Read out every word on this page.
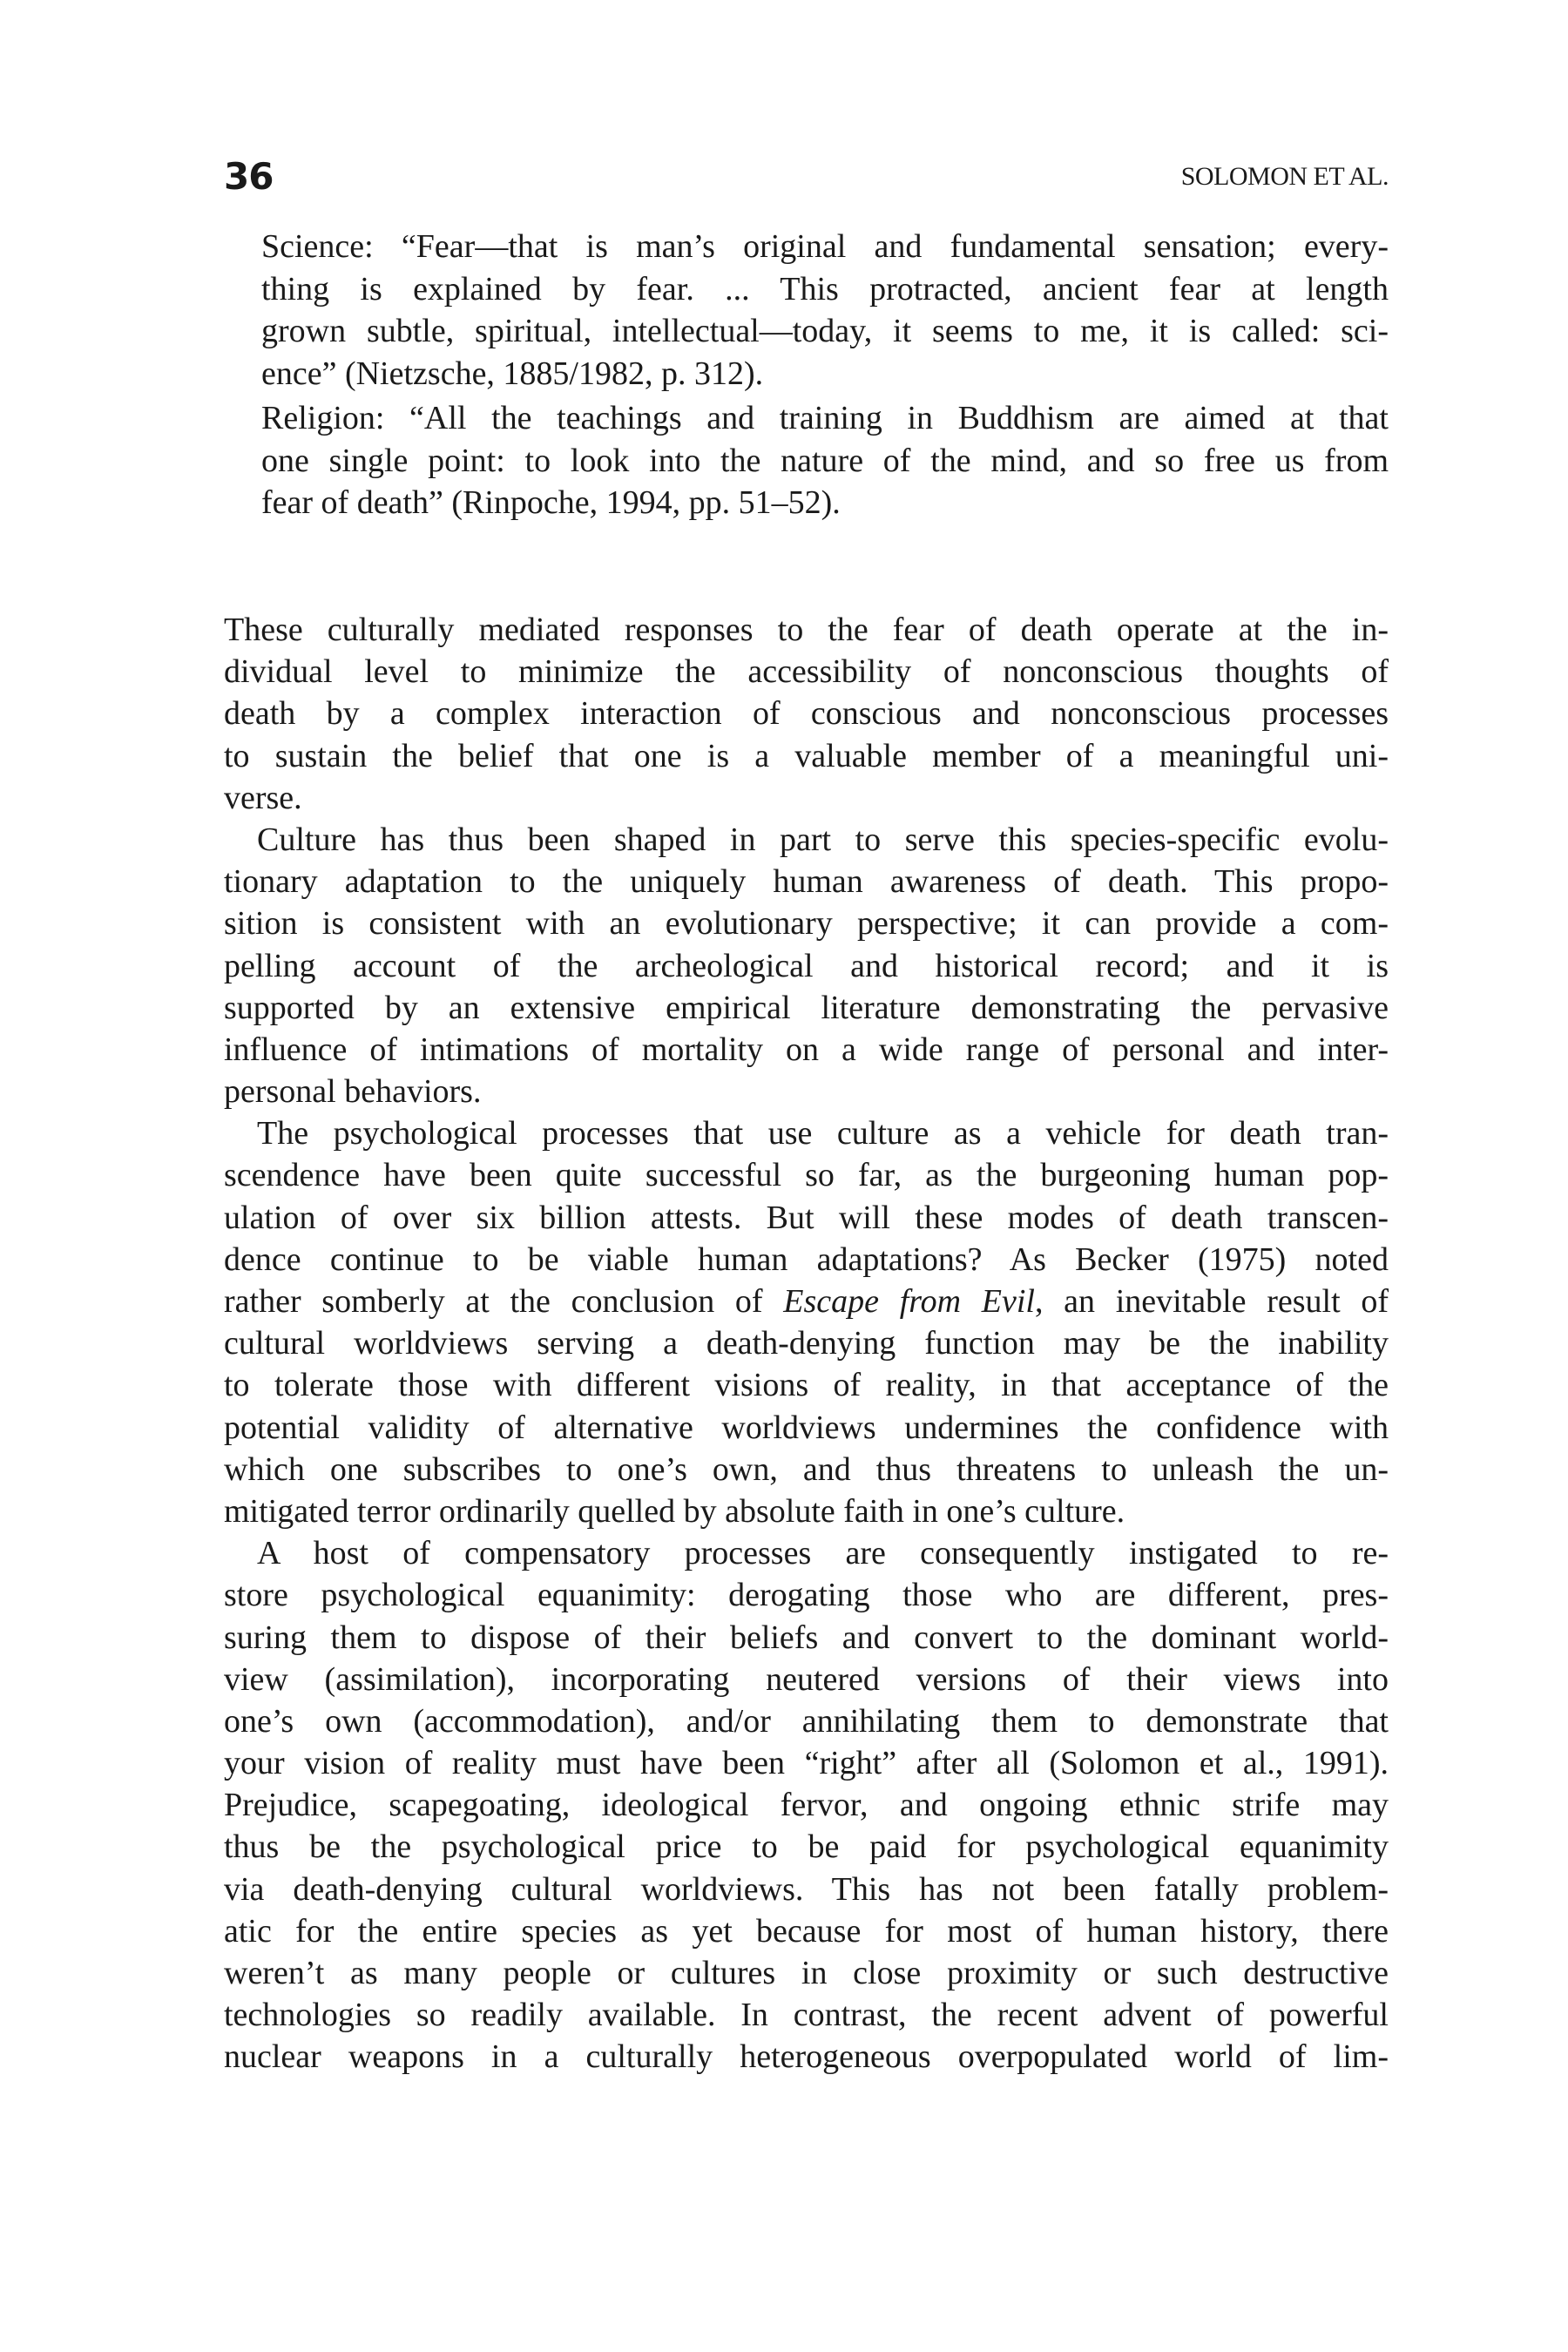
36	SOLOMON ET AL.
Science: “Fear—that is man’s original and fundamental sensation; every-
thing is explained by fear. ... This protracted, ancient fear at length
grown subtle, spiritual, intellectual—today, it seems to me, it is called: sci-
ence” (Nietzsche, 1885/1982, p. 312).
Religion: “All the teachings and training in Buddhism are aimed at that
one single point: to look into the nature of the mind, and so free us from
fear of death” (Rinpoche, 1994, pp. 51–52).
These culturally mediated responses to the fear of death operate at the in-
dividual level to minimize the accessibility of nonconscious thoughts of
death by a complex interaction of conscious and nonconscious processes
to sustain the belief that one is a valuable member of a meaningful uni-
verse.
Culture has thus been shaped in part to serve this species-specific evolu-
tionary adaptation to the uniquely human awareness of death. This propo-
sition is consistent with an evolutionary perspective; it can provide a com-
pelling account of the archeological and historical record; and it is
supported by an extensive empirical literature demonstrating the pervasive
influence of intimations of mortality on a wide range of personal and inter-
personal behaviors.
The psychological processes that use culture as a vehicle for death tran-
scendence have been quite successful so far, as the burgeoning human pop-
ulation of over six billion attests. But will these modes of death transcen-
dence continue to be viable human adaptations? As Becker (1975) noted
rather somberly at the conclusion of Escape from Evil, an inevitable result of
cultural worldviews serving a death-denying function may be the inability
to tolerate those with different visions of reality, in that acceptance of the
potential validity of alternative worldviews undermines the confidence with
which one subscribes to one’s own, and thus threatens to unleash the un-
mitigated terror ordinarily quelled by absolute faith in one’s culture.
A host of compensatory processes are consequently instigated to re-
store psychological equanimity: derogating those who are different, pres-
suring them to dispose of their beliefs and convert to the dominant world-
view (assimilation), incorporating neutered versions of their views into
one’s own (accommodation), and/or annihilating them to demonstrate that
your vision of reality must have been “right” after all (Solomon et al., 1991).
Prejudice, scapegoating, ideological fervor, and ongoing ethnic strife may
thus be the psychological price to be paid for psychological equanimity
via death-denying cultural worldviews. This has not been fatally problem-
atic for the entire species as yet because for most of human history, there
weren’t as many people or cultures in close proximity or such destructive
technologies so readily available. In contrast, the recent advent of powerful
nuclear weapons in a culturally heterogeneous overpopulated world of lim-
